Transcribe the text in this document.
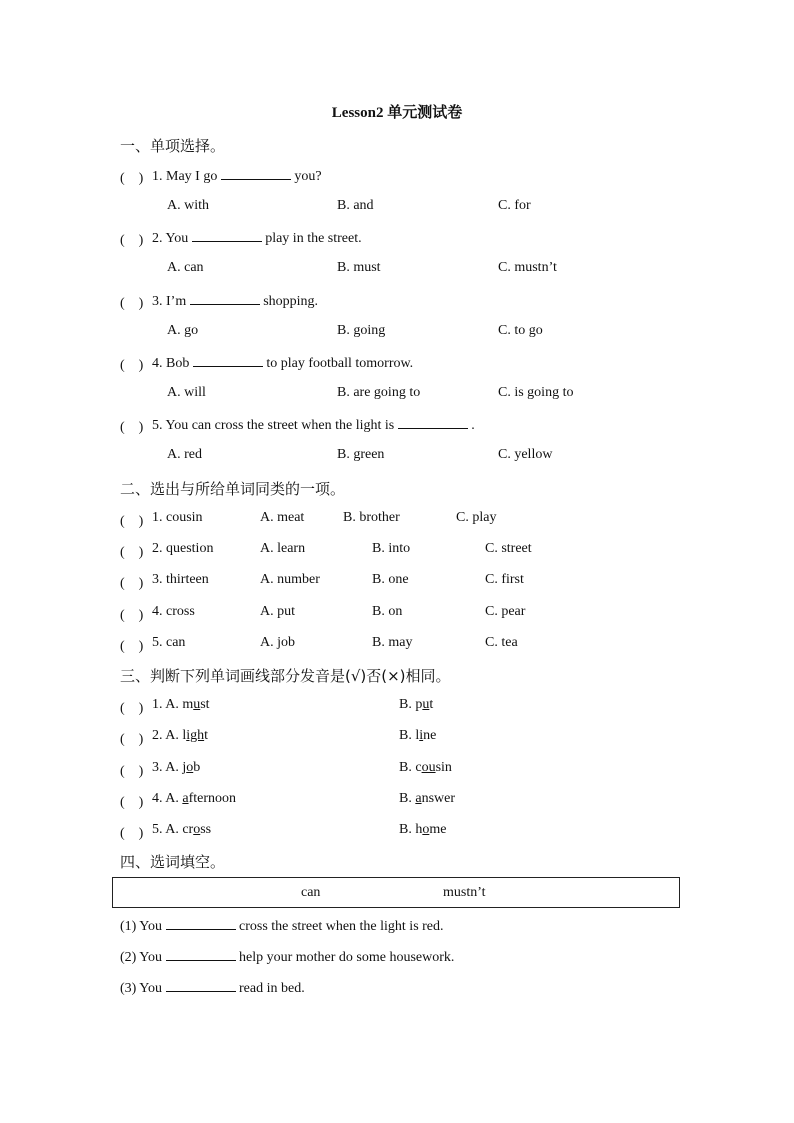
Lesson2 单元测试卷
一、单项选择。
(　) 1. May I go	you?
A. with	B. and	C. for
(　) 2. You	play in the street.
A. can	B. must	C. mustn’t
(　) 3. I’m	shopping.
A. go	B. going	C. to go
(　) 4. Bob	to play football tomorrow.
A. will	B. are going to	C. is going to
(　) 5. You can cross the street when the light is	.
A. red	B. green	C. yellow
二、选出与所给单词同类的一项。
(　) 1. cousin	A. meat	B. brother	C. play
(　) 2. question	A. learn	B. into	C. street
(　) 3. thirteen	A. number	B. one	C. first
(　) 4. cross	A. put	B. on	C. pear
(　) 5. can	A. job	B. may	C. tea
三、判断下列单词画线部分发音是(√)否(×)相同。
(　) 1. A. must	B. put
(　) 2. A. light	B. line
(　) 3. A. job	B. cousin
(　) 4. A. afternoon	B. answer
(　) 5. A. cross	B. home
四、选词填空。
can	mustn’t
(1) You	cross the street when the light is red.
(2) You	help your mother do some housework.
(3) You	read in bed.
